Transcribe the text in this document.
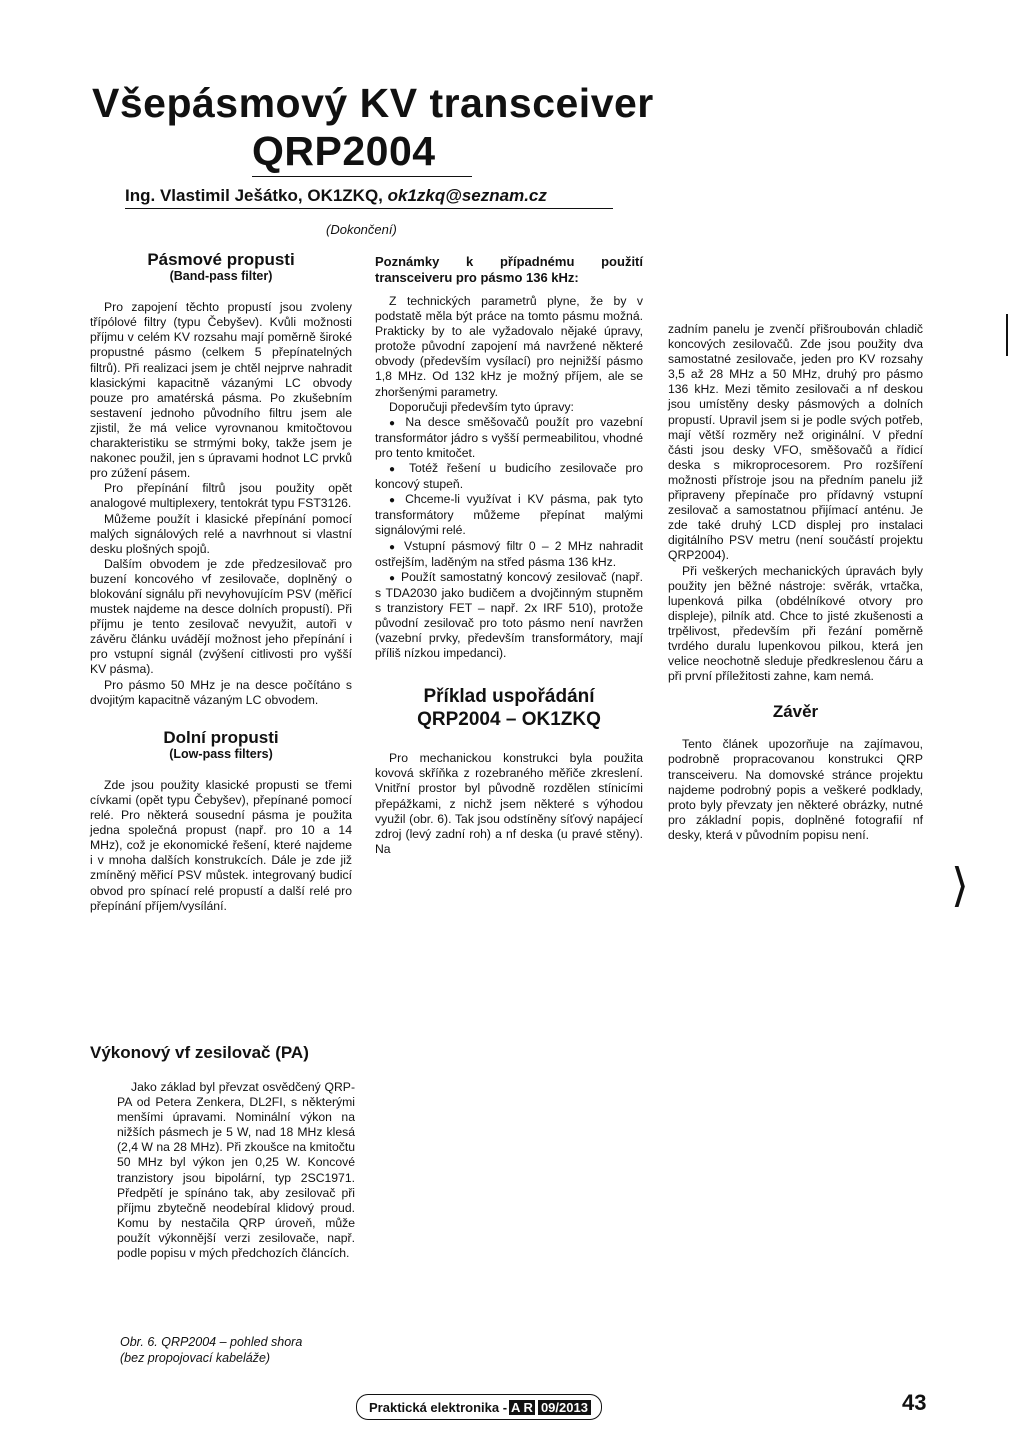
Všepásmový KV transceiver
QRP2004
Ing. Vlastimil Ješátko, OK1ZKQ, ok1zkq@seznam.cz
(Dokončení)
Pásmové propusti
(Band-pass filter)

Pro zapojení těchto propustí jsou zvoleny třípólové filtry (typu Čebyšev). Kvůli možnosti příjmu v celém KV rozsahu mají poměrně široké propustné pásmo (celkem 5 přepínatelných filtrů). Při realizaci jsem je chtěl nejprve nahradit klasickými kapacitně vázanými LC obvody pouze pro amatérská pásma. Po zkušebním sestavení jednoho původního filtru jsem ale zjistil, že má velice vyrovnanou kmitočtovou charakteristiku se strmými boky, takže jsem je nakonec použil, jen s úpravami hodnot LC prvků pro zúžení pásem.

Pro přepínání filtrů jsou použity opět analogové multiplexery, tentokrát typu FST3126.

Můžeme použít i klasické přepínání pomocí malých signálových relé a navrhnout si vlastní desku plošných spojů.

Dalším obvodem je zde předzesilovač pro buzení koncového vf zesilovače, doplněný o blokování signálu při nevyhovujícím PSV (měřicí mustek najdeme na desce dolních propustí). Při příjmu je tento zesilovač nevyužit, autoři v závěru článku uvádějí možnost jeho přepínání i pro vstupní signál (zvýšení citlivosti pro vyšší KV pásma).

Pro pásmo 50 MHz je na desce počítáno s dvojitým kapacitně vázaným LC obvodem.

Dolní propusti
(Low-pass filters)

Zde jsou použity klasické propusti se třemi cívkami (opět typu Čebyšev), přepínané pomocí relé. Pro některá sousední pásma je použita jedna společná propust (např. pro 10 a 14 MHz), což je ekonomické řešení, které najdeme i v mnoha dalších konstrukcích. Dále je zde již zmíněný měřicí PSV můstek. integrovaný budicí obvod pro spínací relé propustí a další relé pro přepínání příjem/vysílání.

Poznámky k případnému použití transceiveru pro pásmo 136 kHz:

Z technických parametrů plyne, že by v podstatě měla být práce na tomto pásmu možná. Prakticky by to ale vyžadovalo nějaké úpravy, protože původní zapojení má navržené některé obvody (především vysílací) pro nejnižší pásmo 1,8 MHz. Od 132 kHz je možný příjem, ale se zhoršenými parametry.

Doporučuji především tyto úpravy:

● Na desce směšovačů použít pro vazební transformátor jádro s vyšší permeabilitou, vhodné pro tento kmitočet.

● Totéž řešení u budicího zesilovače pro koncový stupeň.

● Chceme-li využívat i KV pásma, pak tyto transformátory můžeme přepínat malými signálovými relé.

● Vstupní pásmový filtr 0 – 2 MHz nahradit ostřejším, laděným na střed pásma 136 kHz.

● Použít samostatný koncový zesilovač (např. s TDA2030 jako budičem a dvojčinným stupněm s tranzistory FET – např. 2x IRF 510), protože původní zesilovač pro toto pásmo není navržen (vazební prvky, především transformátory, mají příliš nízkou impedanci).

Příklad uspořádání
QRP2004 – OK1ZKQ

Pro mechanickou konstrukci byla použita kovová skříňka z rozebraného měřiče zkreslení. Vnitřní prostor byl původně rozdělen stínicími přepážkami, z nichž jsem některé s výhodou využil (obr. 6). Tak jsou odstíněny síťový napájecí zdroj (levý zadní roh) a nf deska (u pravé stěny). Na

zadním panelu je zvenčí přišroubován chladič koncových zesilovačů. Zde jsou použity dva samostatné zesilovače, jeden pro KV rozsahy 3,5 až 28 MHz a 50 MHz, druhý pro pásmo 136 kHz. Mezi těmito zesilovači a nf deskou jsou umístěny desky pásmových a dolních propustí. Upravil jsem si je podle svých potřeb, mají větší rozměry než originální. V přední části jsou desky VFO, směšovačů a řídicí deska s mikroprocesorem. Pro rozšíření možnosti přístroje jsou na předním panelu již připraveny přepínače pro přídavný vstupní zesilovač a samostatnou přijímací anténu. Je zde také druhý LCD displej pro instalaci digitálního PSV metru (není součástí projektu QRP2004).

Při veškerých mechanických úpravách byly použity jen běžné nástroje: svěrák, vrtačka, lupenková pilka (obdélníkové otvory pro displeje), pilník atd. Chce to jisté zkušenosti a trpělivost, především při řezání poměrně tvrdého duralu lupenkovou pilkou, která jen velice neochotně sleduje předkreslenou čáru a při první příležitosti zahne, kam nemá.

Závěr

Tento článek upozorňuje na zajímavou, podrobně propracovanou konstrukci QRP transceiveru. Na domovské stránce projektu najdeme podrobný popis a veškeré podklady, proto byly převzaty jen některé obrázky, nutné pro základní popis, doplněné fotografií nf desky, která v původním popisu není.

⟩
Výkonový vf zesilovač (PA)

Jako základ byl převzat osvědčený QRP-PA od Petera Zenkera, DL2FI, s některými menšími úpravami. Nominální výkon na nižších pásmech je 5 W, nad 18 MHz klesá (2,4 W na 28 MHz). Při zkoušce na kmitočtu 50 MHz byl výkon jen 0,25 W. Koncové tranzistory jsou bipolární, typ 2SC1971. Předpětí je spínáno tak, aby zesilovač při příjmu zbytečně neodebíral klidový proud. Komu by nestačila QRP úroveň, může použít výkonnější verzi zesilovače, např. podle popisu v mých předchozích článcích.

Obr. 6. QRP2004 – pohled shora
(bez propojovací kabeláže)
Praktická elektronika - A R 09/2013	43
